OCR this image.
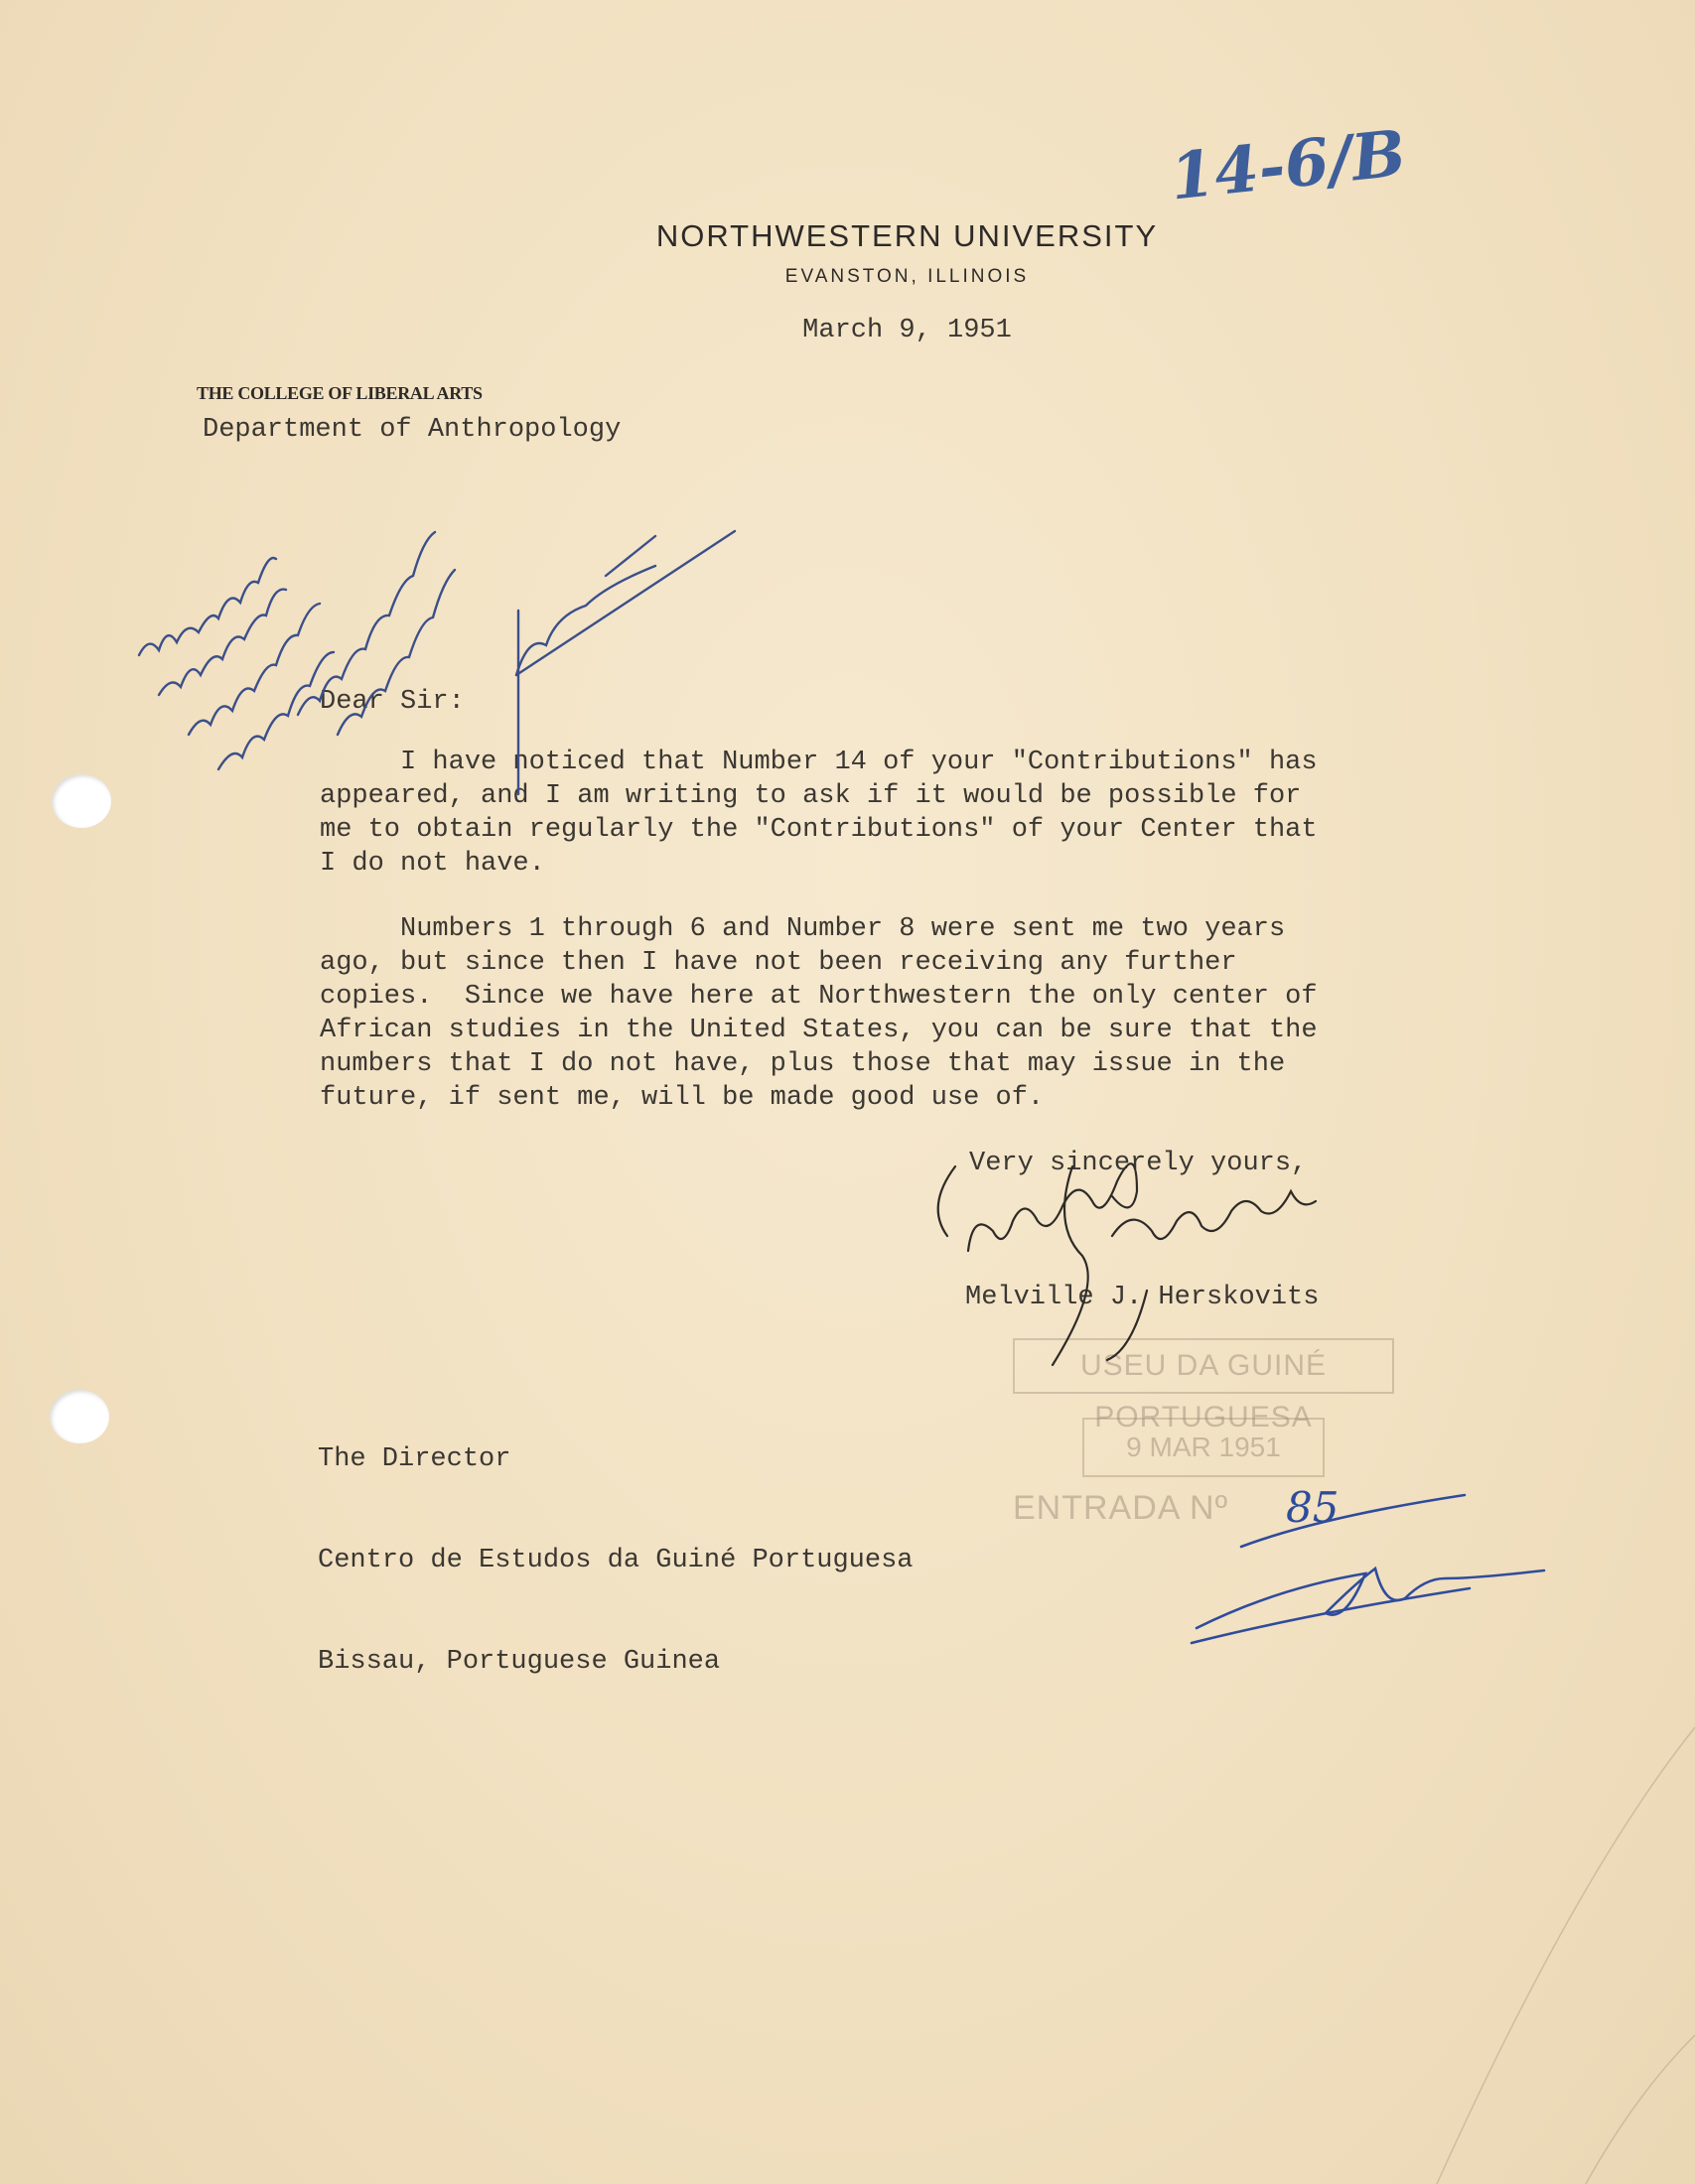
14-6/B
NORTHWESTERN UNIVERSITY
EVANSTON, ILLINOIS
March 9, 1951
THE COLLEGE OF LIBERAL ARTS
Department of Anthropology
Dear Sir:
I have noticed that Number 14 of your "Contributions" has
appeared, and I am writing to ask if it would be possible for
me to obtain regularly the "Contributions" of your Center that
I do not have.
Numbers 1 through 6 and Number 8 were sent me two years
ago, but since then I have not been receiving any further
copies.  Since we have here at Northwestern the only center of
African studies in the United States, you can be sure that the
numbers that I do not have, plus those that may issue in the
future, if sent me, will be made good use of.
Very sincerely yours,
Melville J. Herskovits

The Director

Centro de Estudos da Guiné Portuguesa

Bissau, Portuguese Guinea

USEU DA GUINÉ PORTUGUESA
9 MAR 1951
ENTRADA Nº	85
